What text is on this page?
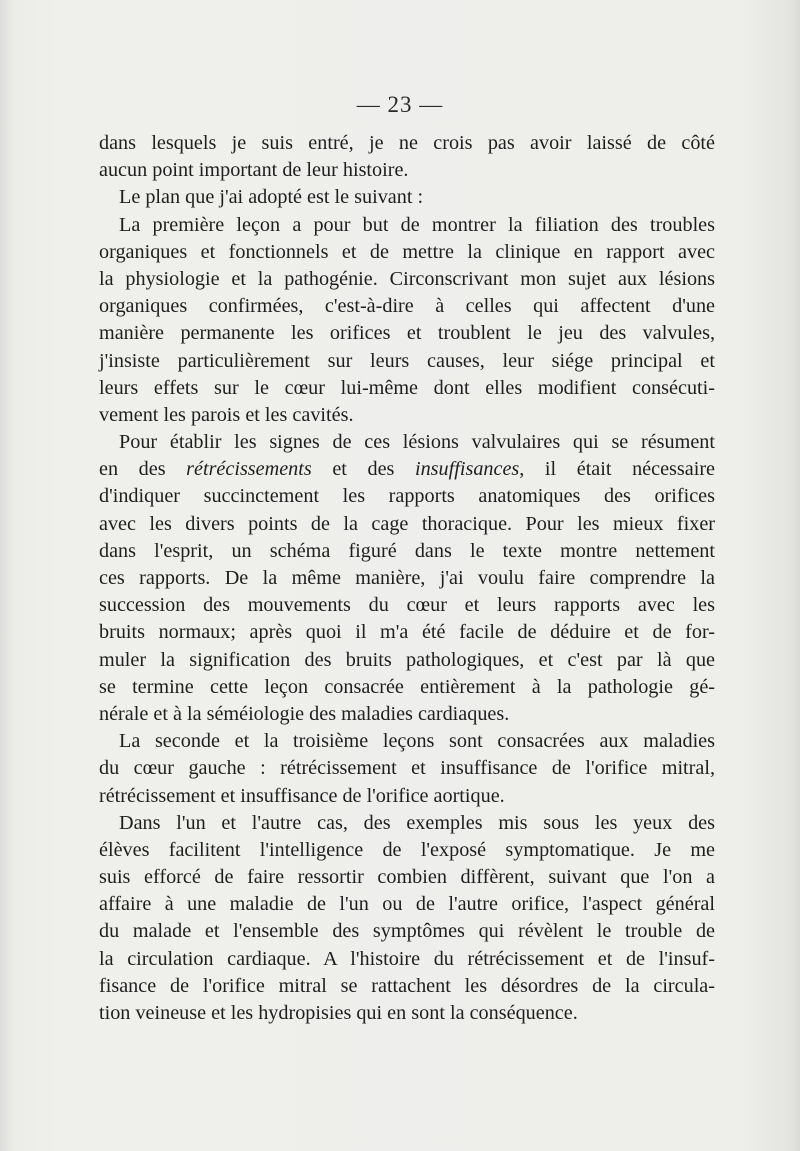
— 23 —
dans lesquels je suis entré, je ne crois pas avoir laissé de côté
aucun point important de leur histoire.
Le plan que j'ai adopté est le suivant :
La première leçon a pour but de montrer la filiation des troubles
organiques et fonctionnels et de mettre la clinique en rapport avec
la physiologie et la pathogénie. Circonscrivant mon sujet aux lésions
organiques confirmées, c'est-à-dire à celles qui affectent d'une
manière permanente les orifices et troublent le jeu des valvules,
j'insiste particulièrement sur leurs causes, leur siége principal et
leurs effets sur le cœur lui-même dont elles modifient consécuti-
vement les parois et les cavités.
Pour établir les signes de ces lésions valvulaires qui se résument
en des rétrécissements et des insuffisances, il était nécessaire
d'indiquer succinctement les rapports anatomiques des orifices
avec les divers points de la cage thoracique. Pour les mieux fixer
dans l'esprit, un schéma figuré dans le texte montre nettement
ces rapports. De la même manière, j'ai voulu faire comprendre la
succession des mouvements du cœur et leurs rapports avec les
bruits normaux; après quoi il m'a été facile de déduire et de for-
muler la signification des bruits pathologiques, et c'est par là que
se termine cette leçon consacrée entièrement à la pathologie gé-
nérale et à la séméiologie des maladies cardiaques.
La seconde et la troisième leçons sont consacrées aux maladies
du cœur gauche : rétrécissement et insuffisance de l'orifice mitral,
rétrécissement et insuffisance de l'orifice aortique.
Dans l'un et l'autre cas, des exemples mis sous les yeux des
élèves facilitent l'intelligence de l'exposé symptomatique. Je me
suis efforcé de faire ressortir combien diffèrent, suivant que l'on a
affaire à une maladie de l'un ou de l'autre orifice, l'aspect général
du malade et l'ensemble des symptômes qui révèlent le trouble de
la circulation cardiaque. A l'histoire du rétrécissement et de l'insuf-
fisance de l'orifice mitral se rattachent les désordres de la circula-
tion veineuse et les hydropisies qui en sont la conséquence.
